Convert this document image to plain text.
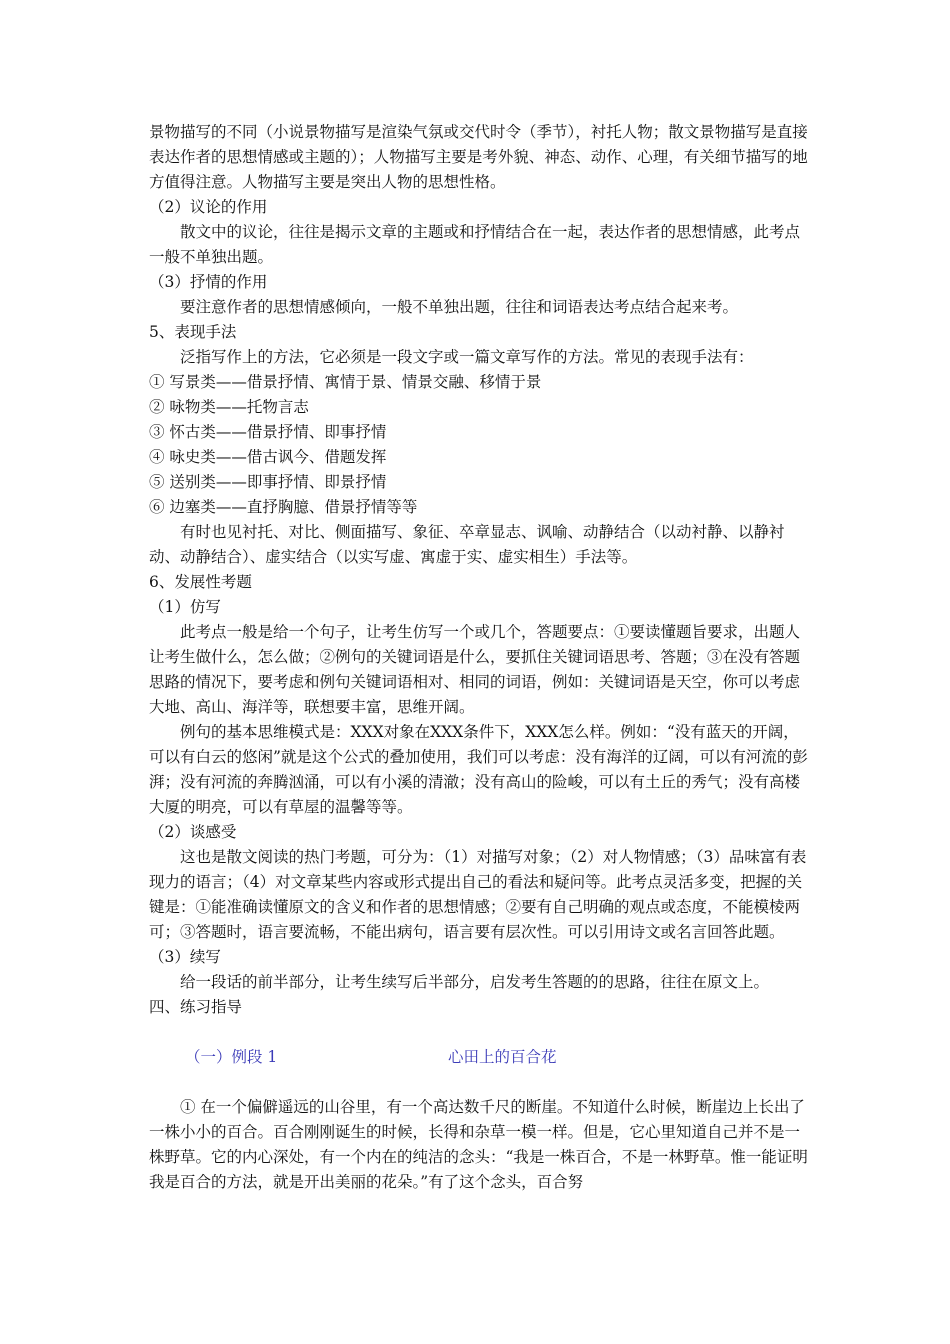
景物描写的不同（小说景物描写是渲染气氛或交代时令（季节），衬托人物；散文景物描写是直接表达作者的思想情感或主题的）；人物描写主要是考外貌、神态、动作、心理，有关细节描写的地方值得注意。人物描写主要是突出人物的思想性格。

（2）议论的作用

散文中的议论，往往是揭示文章的主题或和抒情结合在一起，表达作者的思想情感，此考点一般不单独出题。

（3）抒情的作用

要注意作者的思想情感倾向，一般不单独出题，往往和词语表达考点结合起来考。

5、表现手法

泛指写作上的方法，它必须是一段文字或一篇文章写作的方法。常见的表现手法有：

① 写景类——借景抒情、寓情于景、情景交融、移情于景

② 咏物类——托物言志

③ 怀古类——借景抒情、即事抒情

④ 咏史类——借古讽今、借题发挥

⑤ 送别类——即事抒情、即景抒情

⑥ 边塞类——直抒胸臆、借景抒情等等

有时也见衬托、对比、侧面描写、象征、卒章显志、讽喻、动静结合（以动衬静、以静衬动、动静结合）、虚实结合（以实写虚、寓虚于实、虚实相生）手法等。

6、发展性考题

（1）仿写

此考点一般是给一个句子，让考生仿写一个或几个，答题要点：①要读懂题旨要求，出题人让考生做什么，怎么做；②例句的关键词语是什么，要抓住关键词语思考、答题；③在没有答题思路的情况下，要考虑和例句关键词语相对、相同的词语，例如：关键词语是天空，你可以考虑大地、高山、海洋等，联想要丰富，思维开阔。

例句的基本思维模式是：XXX对象在XXX条件下，XXX怎么样。例如：“没有蓝天的开阔，可以有白云的悠闲”就是这个公式的叠加使用，我们可以考虑：没有海洋的辽阔，可以有河流的彭湃；没有河流的奔腾汹涌，可以有小溪的清澈；没有高山的险峻，可以有土丘的秀气；没有高楼大厦的明亮，可以有草屋的温馨等等。

（2）谈感受

这也是散文阅读的热门考题，可分为：（1）对描写对象；（2）对人物情感；（3）品味富有表现力的语言；（4）对文章某些内容或形式提出自己的看法和疑问等。此考点灵活多变，把握的关键是：①能准确读懂原文的含义和作者的思想情感；②要有自己明确的观点或态度，不能模棱两可；③答题时，语言要流畅，不能出病句，语言要有层次性。可以引用诗文或名言回答此题。

（3）续写

给一段话的前半部分，让考生续写后半部分，启发考生答题的的思路，往往在原文上。

四、练习指导

（一）例段 1	心田上的百合花

① 在一个偏僻遥远的山谷里，有一个高达数千尺的断崖。不知道什么时候，断崖边上长出了一株小小的百合。百合刚刚诞生的时候，长得和杂草一模一样。但是，它心里知道自己并不是一株野草。它的内心深处，有一个内在的纯洁的念头：“我是一株百合，不是一林野草。惟一能证明我是百合的方法，就是开出美丽的花朵。”有了这个念头，百合努
